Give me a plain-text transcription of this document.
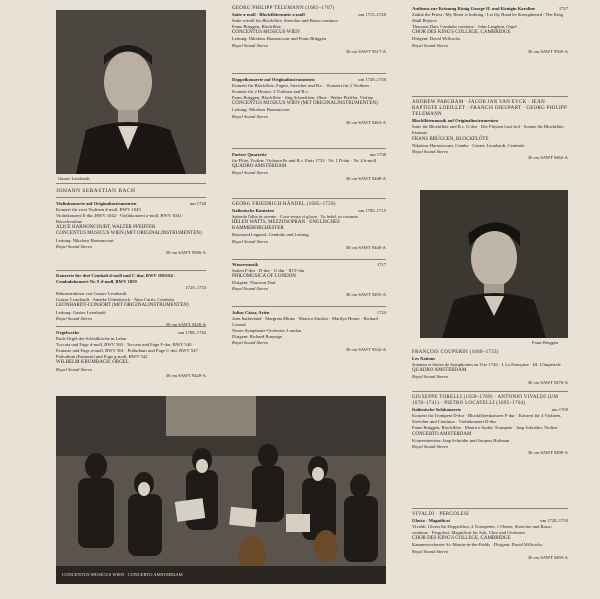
Gustav Leonhardt
JOHANN SEBASTIAN BACH
Violinkonzerte auf Originalinstrumenten	um 1720
Konzert für zwei Violinen d-moll, BWV 1043
Violinkonzert E-dur, BWV 1042 · Violinkonzert a-moll, BWV 1041 · Barockvioline
ALICE HARNONCOURT, WALTER PFEIFFER
CONCENTUS MUSICUS WIEN (MIT ORIGINALINSTRUMENTEN)
Leitung: Nikolaus Harnoncourt
Royal Sound Stereo
30 cm SAWT 9506-A
Konzerte für drei Cembali d-moll und C-dur, BWV 1063/64 · Cembalokonzert Nr. 8 d-moll, BWV 1059
1720–1733
Rekonstruktion von Gustav Leonhardt
Gustav Leonhardt · Anneke Uittenbosch · Alan Curtis, Cembalo
LEONHARDT-CONSORT (MIT ORIGINALINSTRUMENTEN)
Leitung: Gustav Leonhardt
Royal Sound Stereo
30 cm SAWT 9426-A
Orgelwerke	um 1708–1744
Bach-Orgel der Schloßkirche in Lahm
Toccata und Fuge d-moll, BWV 565 · Toccata und Fuge F-dur, BWV 540 · Fantasie und Fuge a-moll, BWV 561 · Präludium und Fuge C-dur, BWV 547 · Präludium (Fantasie) und Fuge g-moll, BWV 542
WILHELM KRUMBACH, ORGEL
Royal Sound Stereo
30 cm SAWT 9420-A
GEORG PHILIPP TELEMANN (1681–1767)
Suite a-moll · Blockflötensuite a-moll	um 1715–1720
Suite a-moll für Blockflöte, Streicher und Basso continuo
Frans Brüggen, Blockflöte
CONCENTUS MUSICUS WIEN
Leitung: Nikolaus Harnoncourt und Frans Brüggen
Royal Sound Stereo
30 cm SAWT 9517-A
Doppelkonzerte auf Originalinstrumenten	um 1720–1730
Konzert für Blockflöte, Fagott, Streicher und B.c. · Konzert für 2 Violinen · Konzert für 2 Hörner, 2 Violinen und B.c.
Frans Brüggen, Blockflöte · Jürg Schaeftlein, Oboe · Walter Pfeiffer, Violine
CONCENTUS MUSICUS WIEN (MIT ORIGINALINSTRUMENTEN)
Leitung: Nikolaus Harnoncourt
Royal Sound Stereo
30 cm SAWT 9463-A
Pariser Quartette	um 1730
für Flöte, Violine, Violoncello und B.c. Paris 1733 · Nr. 1 D-dur · Nr. 4 h-moll
QUADRO AMSTERDAM
Royal Sound Stereo
30 cm SAWT 9448-A
GEORG FRIEDRICH HÄNDEL (1685–1759)
Italienische Kantaten	um 1705–1715
Splenda l'alba in oriente · Cuor senza sì gloria · Tu fedel, tu costante
HELEN WATTS, MEZZOSOPRAN · ENGLISCHES KAMMERORCHESTER
Raymond Leppard, Cembalo und Leitung
Royal Sound Stereo
30 cm SAWT 9440-A
Wassermusik	1717
Suiten F-dur · D-dur · G-dur · III F-dur
PHILOMUSICA OF LONDON
Dirigent: Thurston Dart
Royal Sound Stereo
30 cm SAWT 9455-A
Julius Cäsar, Arien	1724
Joan Sutherland · Margreta Elkins · Monica Sinclair · Marilyn Horne · Richard Conrad
Neues Symphonie-Orchester, London
Dirigent: Richard Bonynge
Royal Sound Stereo
30 cm SAWT 9532-A
CONCENTUS MUSICUS WIEN · CONCERTO AMSTERDAM
Anthems zur Krönung König George II. und Königin Karoline	1727
Zadok the Priest / My Heart is Inditing / Let thy Hand be Strengthened / The King Shall Rejoice
Thurston Dart, Cembalo continuo · John Langdon, Orgel
CHOR DES KING'S COLLEGE, CAMBRIDGE
Dirigent: David Willcocks
Royal Sound Stereo
30 cm SAWT 9505-A
ANDREW PARCHAM · JACOB JAN VAN EYCK · JEAN BAPTISTE LOEILLET · FRANCIS DIEUPART · GEORG PHILIPP TELEMANN
Blockflötenmusik auf Originalinstrumenten
Suite für Blockflöte und B.c. G-dur · Der Fluyten Lust-hof · Sonate für Blockflöte, Fantasie
FRANS BRÜGGEN, BLOCKFLÖTE
Nikolaus Harnoncourt, Gambe · Gustav Leonhardt, Cembalo
Royal Sound Stereo
30 cm SAWT 9462-A
Frans Brüggen
FRANÇOIS COUPERIN (1668–1733)
Les Nations
Sonaten et Suites de Symphonies en Trio 1726 · I. La Française · III. L'Impériale
QUADRO AMSTERDAM
Royal Sound Stereo
30 cm SAWT 9476-A
GIUSEPPE TORELLI (1658–1709) · ANTONIO VIVALDI (UM 1678–1741) · PIETRO LOCATELLI (1695–1764)
Italienische Solokonzerte	um 1700
Konzert für Trompete D-dur · Blockflötenkonzert F-dur · Konzert für 4 Violinen, Streicher und Continuo · Violinkonzert D-dur
Frans Brüggen, Blockflöte · Maurice André, Trompete · Jaap Schröder, Violine
CONCERTO AMSTERDAM
Konzertmeister: Jaap Schröder und Jacques Holtman
Royal Sound Stereo
30 cm SAWT 9499-A
VIVALDI · PERGOLESI
Gloria · Magnificat	um 1720–1735
Vivaldi: Gloria für Doppelchor, 2 Trompeten, 1 Oboen, Streicher und Basso continuo · Pergolesi: Magnificat für Soli, Chor und Orchester
CHOR DES KING'S COLLEGE, CAMBRIDGE
Kammerorchester St.-Martin-in-the-Fields · Dirigent: David Willcocks
Royal Sound Stereo
30 cm SAWT 9493-A
